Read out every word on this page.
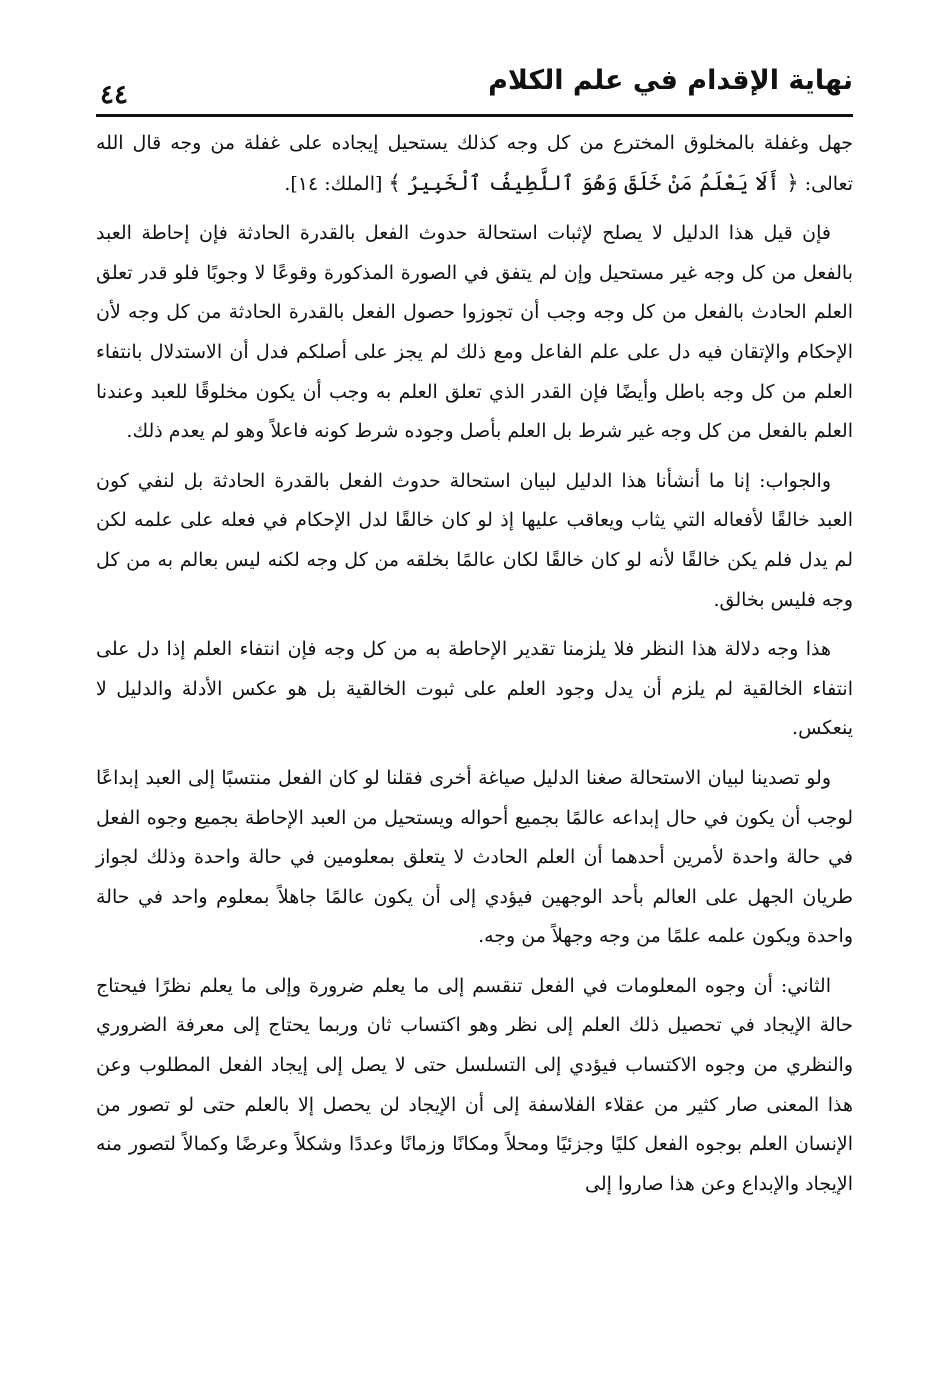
نهاية الإقدام في علم الكلام
٤٤

جهل وغفلة بالمخلوق المخترع من كل وجه كذلك يستحيل إيجاده على غفلة من وجه قال الله تعالى: ﴿ أَلَا يَعْلَمُ مَنْ خَلَقَ وَهُوَ ٱللَّطِيفُ ٱلْخَبِيرُ ﴾ [الملك: ١٤].

فإن قيل هذا الدليل لا يصلح لإثبات استحالة حدوث الفعل بالقدرة الحادثة فإن إحاطة العبد بالفعل من كل وجه غير مستحيل وإن لم يتفق في الصورة المذكورة وقوعًا لا وجوبًا فلو قدر تعلق العلم الحادث بالفعل من كل وجه وجب أن تجوزوا حصول الفعل بالقدرة الحادثة من كل وجه لأن الإحكام والإتقان فيه دل على علم الفاعل ومع ذلك لم يجز على أصلكم فدل أن الاستدلال بانتفاء العلم من كل وجه باطل وأيضًا فإن القدر الذي تعلق العلم به وجب أن يكون مخلوقًا للعبد وعندنا العلم بالفعل من كل وجه غير شرط بل العلم بأصل وجوده شرط كونه فاعلاً وهو لم يعدم ذلك.

والجواب: إنا ما أنشأنا هذا الدليل لبيان استحالة حدوث الفعل بالقدرة الحادثة بل لنفي كون العبد خالقًا لأفعاله التي يثاب ويعاقب عليها إذ لو كان خالقًا لدل الإحكام في فعله على علمه لكن لم يدل فلم يكن خالقًا لأنه لو كان خالقًا لكان عالمًا بخلقه من كل وجه لكنه ليس بعالم به من كل وجه فليس بخالق.

هذا وجه دلالة هذا النظر فلا يلزمنا تقدير الإحاطة به من كل وجه فإن انتفاء العلم إذا دل على انتفاء الخالقية لم يلزم أن يدل وجود العلم على ثبوت الخالقية بل هو عكس الأدلة والدليل لا ينعكس.

ولو تصدينا لبيان الاستحالة صغنا الدليل صياغة أخرى فقلنا لو كان الفعل منتسبًا إلى العبد إبداعًا لوجب أن يكون في حال إبداعه عالمًا بجميع أحواله ويستحيل من العبد الإحاطة بجميع وجوه الفعل في حالة واحدة لأمرين أحدهما أن العلم الحادث لا يتعلق بمعلومين في حالة واحدة وذلك لجواز طريان الجهل على العالم بأحد الوجهين فيؤدي إلى أن يكون عالمًا جاهلاً بمعلوم واحد في حالة واحدة ويكون علمه علمًا من وجه وجهلاً من وجه.

الثاني: أن وجوه المعلومات في الفعل تنقسم إلى ما يعلم ضرورة وإلى ما يعلم نظرًا فيحتاج حالة الإيجاد في تحصيل ذلك العلم إلى نظر وهو اكتساب ثان وربما يحتاج إلى معرفة الضروري والنظري من وجوه الاكتساب فيؤدي إلى التسلسل حتى لا يصل إلى إيجاد الفعل المطلوب وعن هذا المعنى صار كثير من عقلاء الفلاسفة إلى أن الإيجاد لن يحصل إلا بالعلم حتى لو تصور من الإنسان العلم بوجوه الفعل كليًا وجزئيًا ومحلاً ومكانًا وزمانًا وعددًا وشكلاً وعرضًا وكمالاً لتصور منه الإيجاد والإبداع وعن هذا صاروا إلى
